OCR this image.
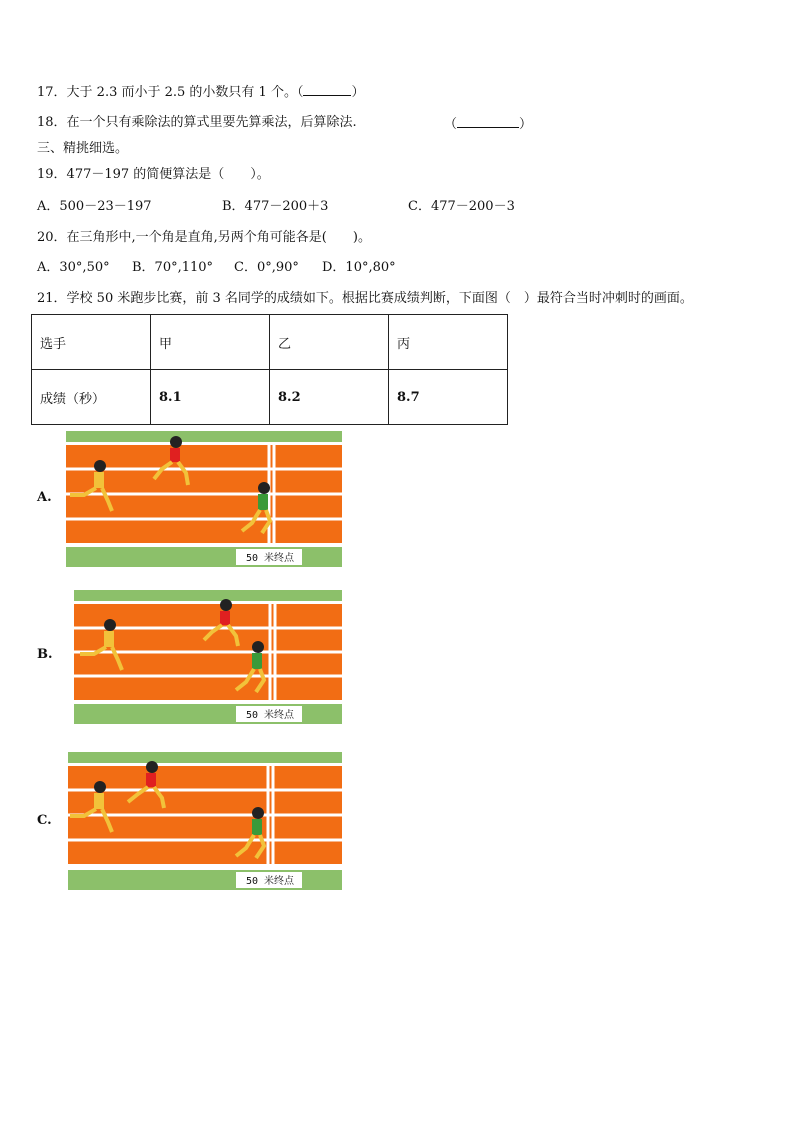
17．大于 2.3 而小于 2.5 的小数只有 1 个。（	）
18．在一个只有乘除法的算式里要先算乘法，后算除法.	（	）
三、精挑细选。
19．477－197 的简便算法是（　　）。
A．500－23－197	B．477－200＋3	C．477－200－3
20．在三角形中,一个角是直角,另两个角可能各是(　　)。
A．30°,50° B．70°,110° C．0°,90° D．10°,80°
21．学校 50 米跑步比赛，前 3 名同学的成绩如下。根据比赛成绩判断，下面图（　）最符合当时冲刺时的画面。
选手	甲	乙	丙
成绩（秒）	8.1	8.2	8.7
A.
50 米终点
B.
50 米终点
C.
50 米终点
